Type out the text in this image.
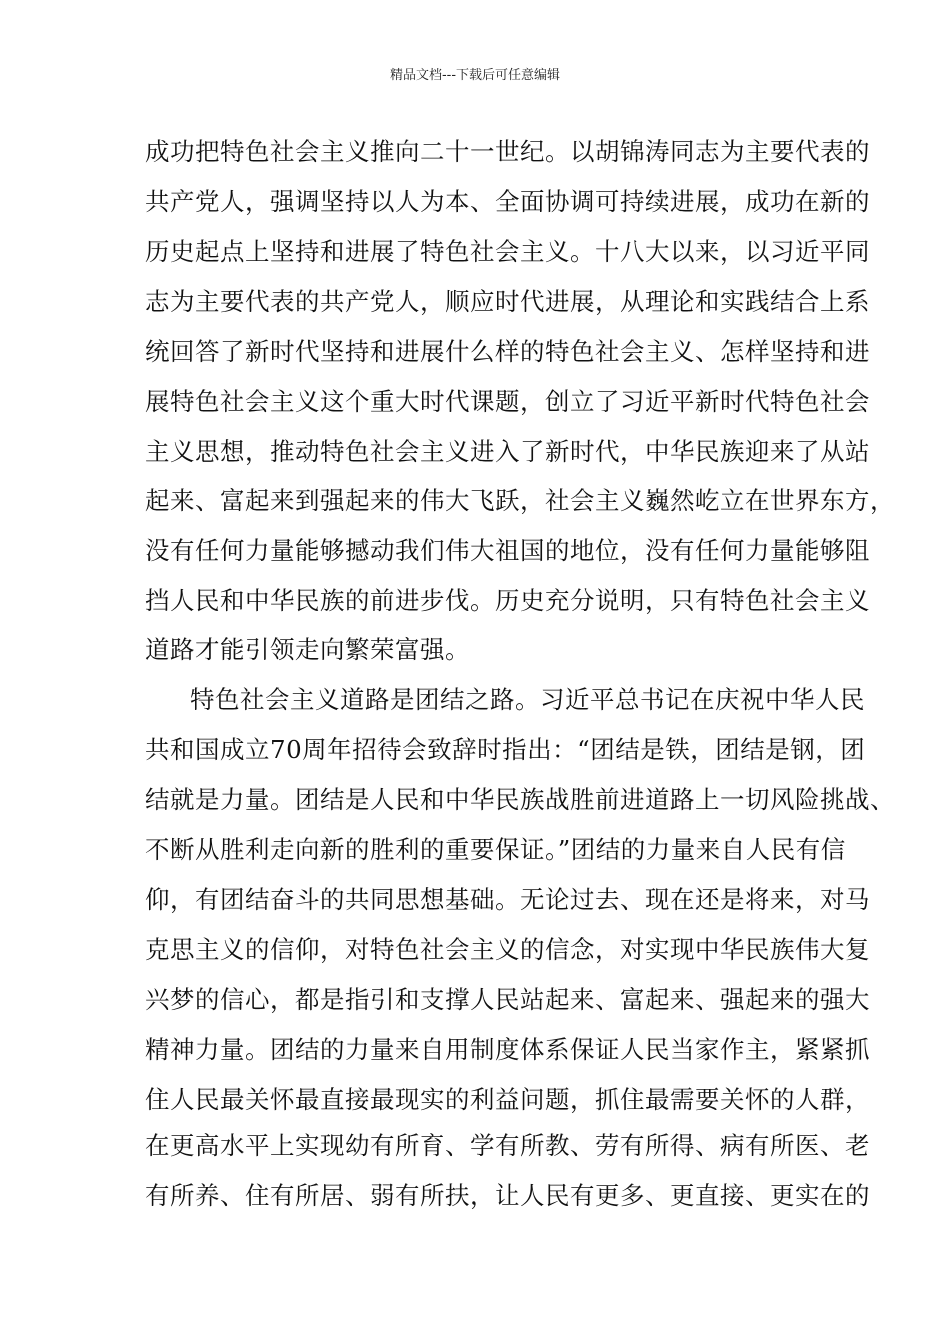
精品文档---下载后可任意编辑
成功把特色社会主义推向二十一世纪。以胡锦涛同志为主要代表的
共产党人，强调坚持以人为本、全面协调可持续进展，成功在新的
历史起点上坚持和进展了特色社会主义。十八大以来，以习近平同
志为主要代表的共产党人，顺应时代进展，从理论和实践结合上系
统回答了新时代坚持和进展什么样的特色社会主义、怎样坚持和进
展特色社会主义这个重大时代课题，创立了习近平新时代特色社会
主义思想，推动特色社会主义进入了新时代，中华民族迎来了从站
起来、富起来到强起来的伟大飞跃，社会主义巍然屹立在世界东方，
没有任何力量能够撼动我们伟大祖国的地位，没有任何力量能够阻
挡人民和中华民族的前进步伐。历史充分说明，只有特色社会主义
道路才能引领走向繁荣富强。
特色社会主义道路是团结之路。习近平总书记在庆祝中华人民
共和国成立70周年招待会致辞时指出：“团结是铁，团结是钢，团
结就是力量。团结是人民和中华民族战胜前进道路上一切风险挑战、
不断从胜利走向新的胜利的重要保证。”团结的力量来自人民有信
仰，有团结奋斗的共同思想基础。无论过去、现在还是将来，对马
克思主义的信仰，对特色社会主义的信念，对实现中华民族伟大复
兴梦的信心，都是指引和支撑人民站起来、富起来、强起来的强大
精神力量。团结的力量来自用制度体系保证人民当家作主，紧紧抓
住人民最关怀最直接最现实的利益问题，抓住最需要关怀的人群，
在更高水平上实现幼有所育、学有所教、劳有所得、病有所医、老
有所养、住有所居、弱有所扶，让人民有更多、更直接、更实在的
